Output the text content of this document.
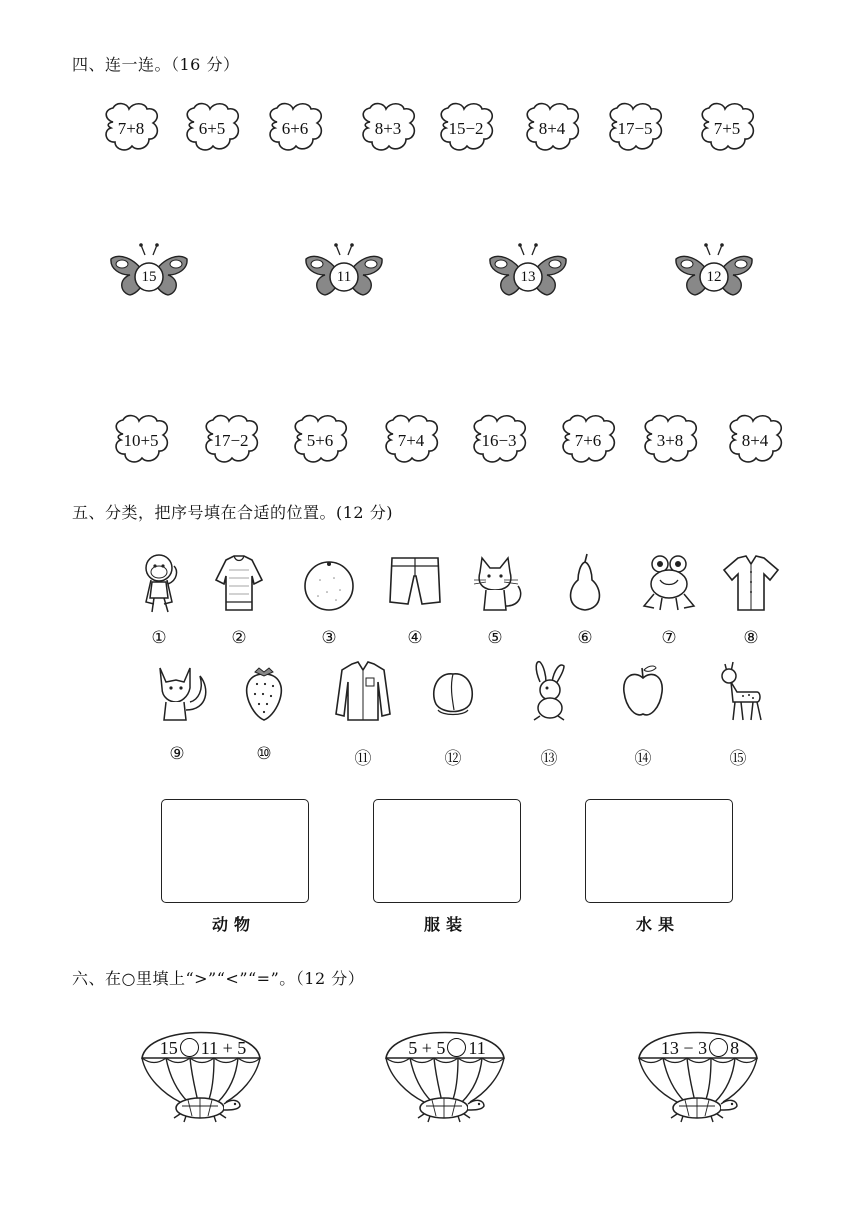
四、连一连。（16 分）
7+8	6+5	6+6	8+3	15−2	8+4	17−5	7+5
15	11	13	12
10+5	17−2	5+6	7+4	16−3	7+6	3+8	8+4
五、分类，把序号填在合适的位置。(12 分)
①	②	③	④	⑤	⑥	⑦	⑧
⑨	⑩	⑪	⑫	⑬	⑭	⑮
动物	服装	水果
六、在○里填上“>”“<”“=”。（12 分）
15 11 + 5	5 + 5 11	13 − 3 8
